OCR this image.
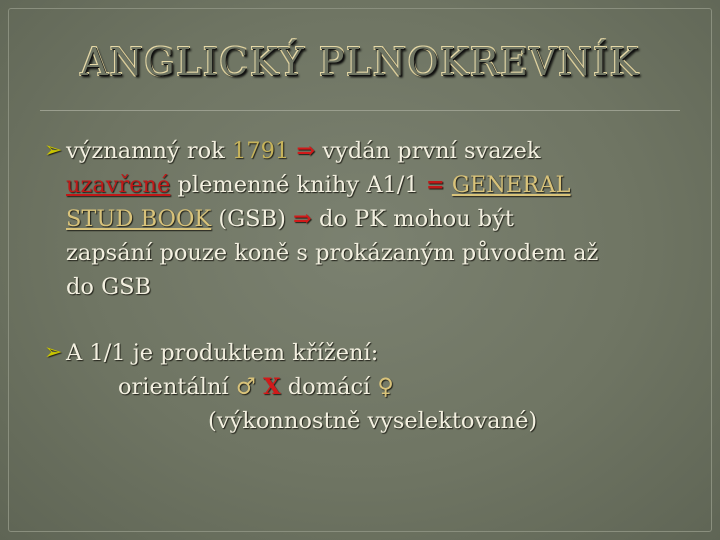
ANGLICKÝ PLNOKREVNÍK
➢ významný rok 1791 ⇒ vydán první svazek
uzavřené plemenné knihy A1/1 = GENERAL
STUD BOOK (GSB) ⇒ do PK mohou být
zapsání pouze koně s prokázaným původem až
do GSB
➢ A 1/1 je produktem křížení:
orientální ♂ X domácí ♀
(výkonnostně vyselektované)
